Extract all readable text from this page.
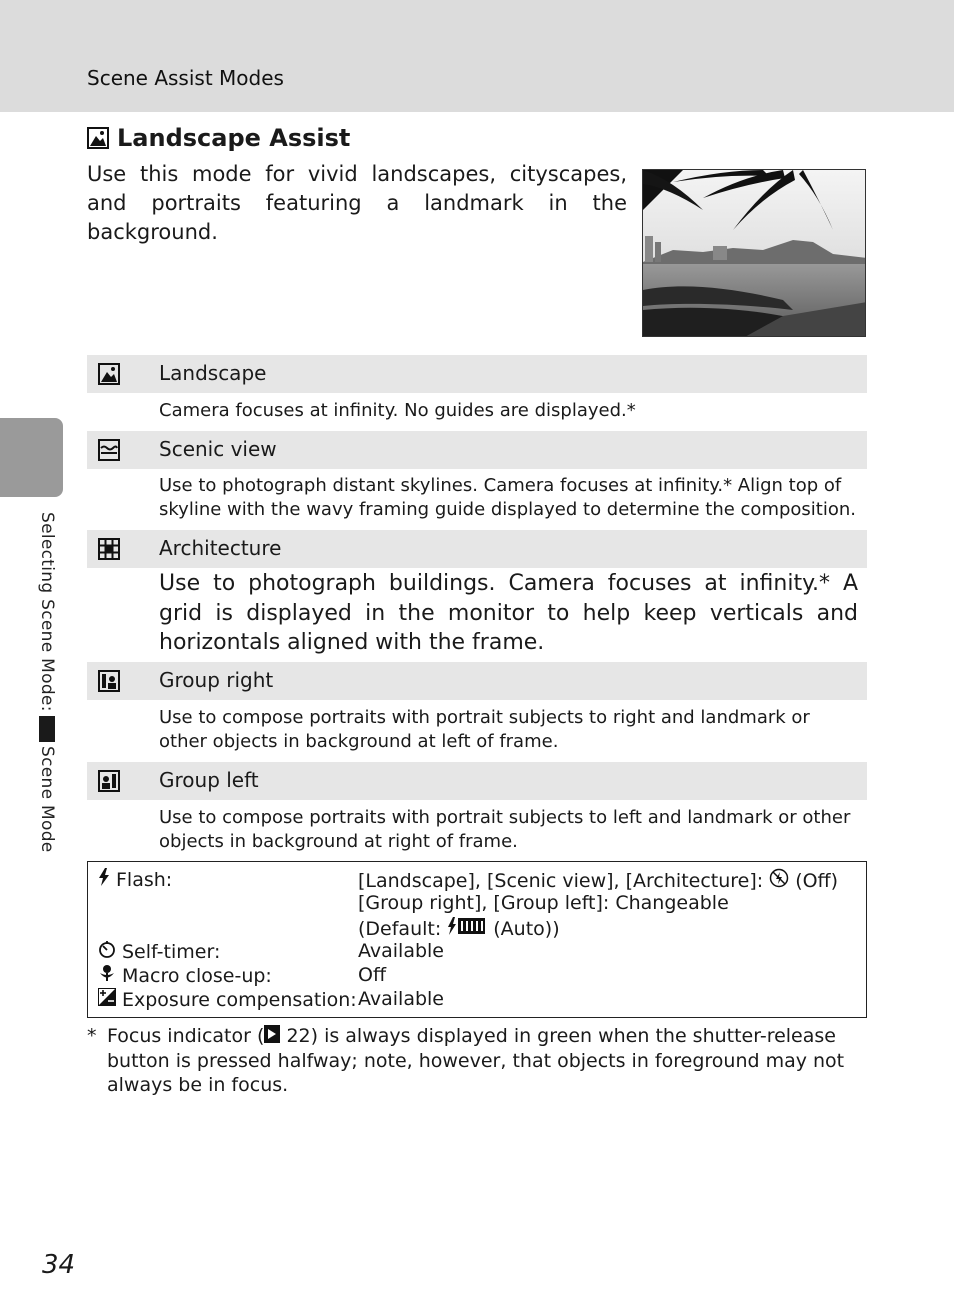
Scene Assist Modes
Selecting Scene Mode:
Scene Mode
Landscape Assist
Use this mode for vivid landscapes, cityscapes, and portraits featuring a landmark in the background.
Landscape
Camera focuses at infinity. No guides are displayed.*
Scenic view
Use to photograph distant skylines. Camera focuses at infinity.* Align top of skyline with the wavy framing guide displayed to determine the composition.
Architecture
Use to photograph buildings. Camera focuses at infinity.* A grid is displayed in the monitor to help keep verticals and horizontals aligned with the frame.
Group right
Use to compose portraits with portrait subjects to right and landmark or other objects in background at left of frame.
Group left
Use to compose portraits with portrait subjects to left and landmark or other objects in background at right of frame.
Flash:	[Landscape], [Scenic view], [Architecture]: (Off)
[Group right], [Group left]: Changeable
(Default:	(Auto))
Self-timer:	Available
Macro close-up:	Off
Exposure compensation: Available
* Focus indicator ( 22) is always displayed in green when the shutter-release button is pressed halfway; note, however, that objects in foreground may not always be in focus.
34
